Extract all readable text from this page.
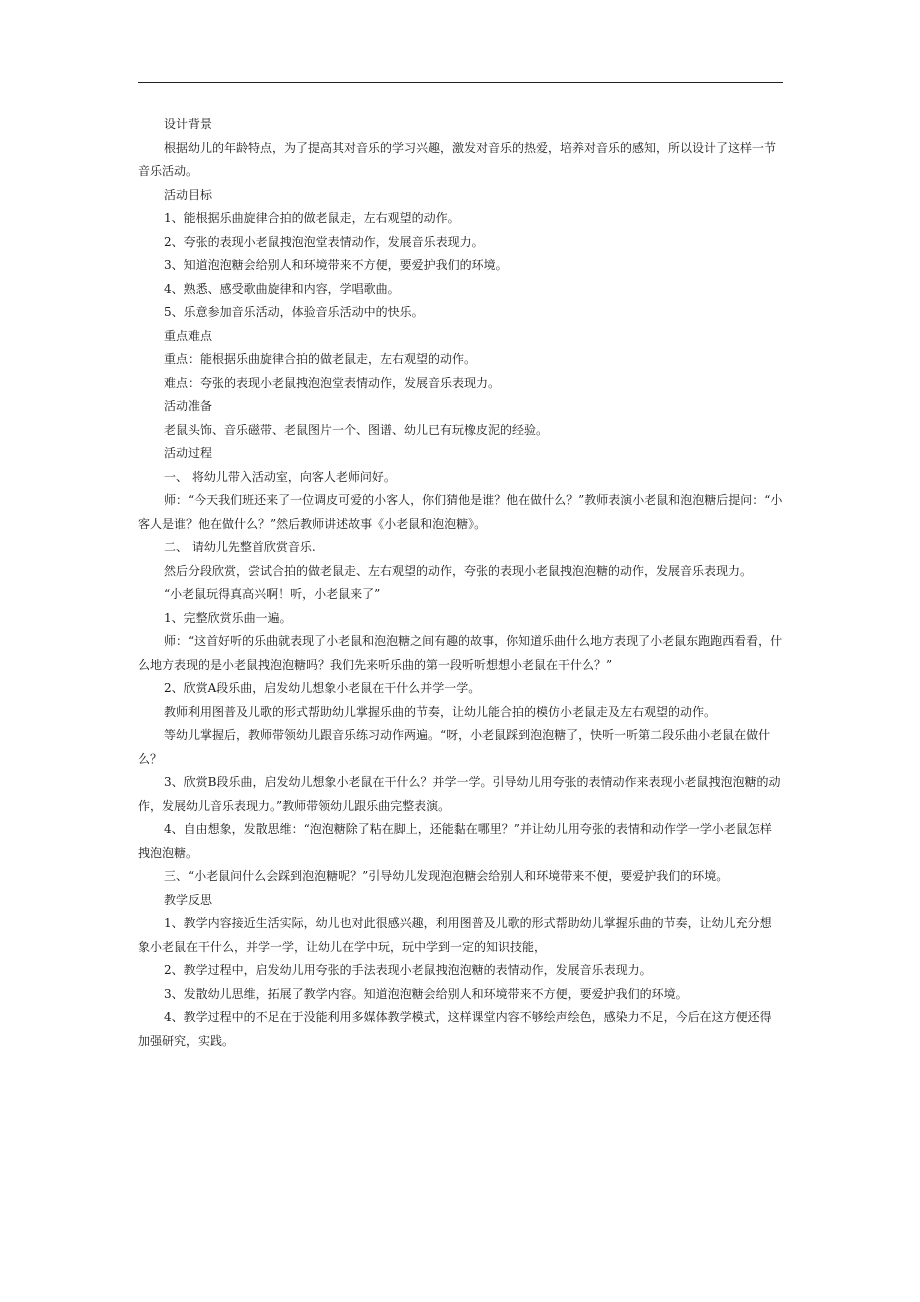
设计背景

根据幼儿的年龄特点，为了提高其对音乐的学习兴趣，激发对音乐的热爱，培养对音乐的感知，所以设计了这样一节音乐活动。

活动目标

1、能根据乐曲旋律合拍的做老鼠走，左右观望的动作。

2、夸张的表现小老鼠拽泡泡堂表情动作，发展音乐表现力。

3、知道泡泡糖会给别人和环境带来不方便，要爱护我们的环境。

4、熟悉、感受歌曲旋律和内容，学唱歌曲。

5、乐意参加音乐活动，体验音乐活动中的快乐。

重点难点

重点：能根据乐曲旋律合拍的做老鼠走，左右观望的动作。

难点：夸张的表现小老鼠拽泡泡堂表情动作，发展音乐表现力。

活动准备

老鼠头饰、音乐磁带、老鼠图片一个、图谱、幼儿已有玩橡皮泥的经验。

活动过程

一、 将幼儿带入活动室，向客人老师问好。

师：“今天我们班还来了一位调皮可爱的小客人，你们猜他是谁？他在做什么？”教师表演小老鼠和泡泡糖后提问：“小客人是谁？他在做什么？”然后教师讲述故事《小老鼠和泡泡糖》。

二、 请幼儿先整首欣赏音乐.

然后分段欣赏，尝试合拍的做老鼠走、左右观望的动作，夸张的表现小老鼠拽泡泡糖的动作，发展音乐表现力。

“小老鼠玩得真高兴啊！听，小老鼠来了”

1、完整欣赏乐曲一遍。

师：“这首好听的乐曲就表现了小老鼠和泡泡糖之间有趣的故事，你知道乐曲什么地方表现了小老鼠东跑跑西看看，什么地方表现的是小老鼠拽泡泡糖吗？我们先来听乐曲的第一段听听想想小老鼠在干什么？”

2、欣赏A段乐曲，启发幼儿想象小老鼠在干什么并学一学。

教师利用图普及儿歌的形式帮助幼儿掌握乐曲的节奏，让幼儿能合拍的模仿小老鼠走及左右观望的动作。

等幼儿掌握后，教师带领幼儿跟音乐练习动作两遍。“呀，小老鼠踩到泡泡糖了，快听一听第二段乐曲小老鼠在做什么？

3、欣赏B段乐曲，启发幼儿想象小老鼠在干什么？并学一学。引导幼儿用夸张的表情动作来表现小老鼠拽泡泡糖的动作，发展幼儿音乐表现力。”教师带领幼儿跟乐曲完整表演。

4、自由想象，发散思维：“泡泡糖除了粘在脚上，还能黏在哪里？”并让幼儿用夸张的表情和动作学一学小老鼠怎样拽泡泡糖。

三、“小老鼠问什么会踩到泡泡糖呢？”引导幼儿发现泡泡糖会给别人和环境带来不便，要爱护我们的环境。

教学反思

1、教学内容接近生活实际，幼儿也对此很感兴趣，利用图普及儿歌的形式帮助幼儿掌握乐曲的节奏，让幼儿充分想象小老鼠在干什么，并学一学，让幼儿在学中玩，玩中学到一定的知识技能，

2、教学过程中，启发幼儿用夸张的手法表现小老鼠拽泡泡糖的表情动作，发展音乐表现力。

3、发散幼儿思维，拓展了教学内容。知道泡泡糖会给别人和环境带来不方便，要爱护我们的环境。

4、教学过程中的不足在于没能利用多媒体教学模式，这样课堂内容不够绘声绘色，感染力不足，今后在这方便还得加强研究，实践。
